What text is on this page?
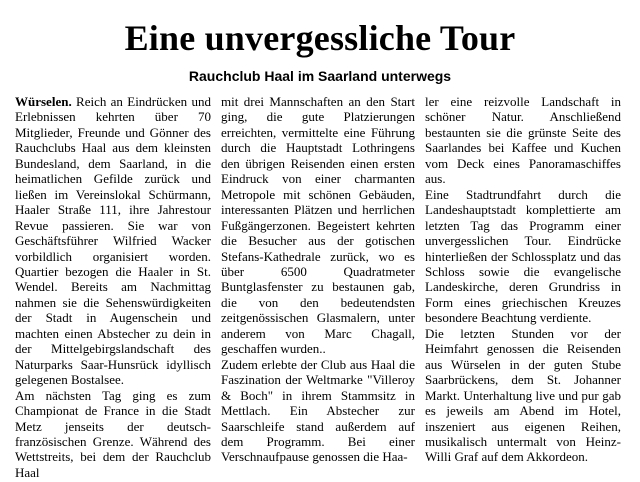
Eine unvergessliche Tour
Rauchclub Haal im Saarland unterwegs

Würselen. Reich an Eindrücken und Erlebnissen kehrten über 70 Mitglieder, Freunde und Gönner des Rauchclubs Haal aus dem kleinsten Bundesland, dem Saarland, in die heimatlichen Gefilde zurück und ließen im Vereinslokal Schürmann, Haaler Straße 111, ihre Jahrestour Revue passieren. Sie war von Geschäftsführer Wilfried Wacker vorbildlich organisiert worden. Quartier bezogen die Haaler in St. Wendel. Bereits am Nachmittag nahmen sie die Sehenswürdigkeiten der Stadt in Augenschein und machten einen Abstecher zu dein in der Mittelgebirgslandschaft des Naturparks Saar-Hunsrück idyllisch gelegenen Bostalsee.

Am nächsten Tag ging es zum Championat de France in die Stadt Metz jenseits der deutsch-französischen Grenze. Während des Wettstreits, bei dem der Rauchclub Haal

mit drei Mannschaften an den Start ging, die gute Platzierungen erreichten, vermittelte eine Führung durch die Hauptstadt Lothringens den übrigen Reisenden einen ersten Eindruck von einer charmanten Metropole mit schönen Gebäuden, interessanten Plätzen und herrlichen Fußgängerzonen. Begeistert kehrten die Besucher aus der gotischen Stefans-Kathedrale zurück, wo es über 6500 Quadratmeter Buntglasfenster zu bestaunen gab, die von den bedeutendsten zeitgenössischen Glasmalern, unter anderem von Marc Chagall, geschaffen wurden..

Zudem erlebte der Club aus Haal die Faszination der Weltmarke "Villeroy & Boch" in ihrem Stammsitz in Mettlach. Ein Abstecher zur Saarschleife stand außerdem auf dem Programm. Bei einer Verschnaufpause genossen die Haa-

ler eine reizvolle Landschaft in schöner Natur. Anschließend bestaunten sie die grünste Seite des Saarlandes bei Kaffee und Kuchen vom Deck eines Panoramaschiffes aus.

Eine Stadtrundfahrt durch die Landeshauptstadt komplettierte am letzten Tag das Programm einer unvergesslichen Tour. Eindrücke hinterließen der Schlossplatz und das Schloss sowie die evangelische Landeskirche, deren Grundriss in Form eines griechischen Kreuzes besondere Beachtung verdiente.

Die letzten Stunden vor der Heimfahrt genossen die Reisenden aus Würselen in der guten Stube Saarbrückens, dem St. Johanner Markt. Unterhaltung live und pur gab es jeweils am Abend im Hotel, inszeniert aus eigenen Reihen, musikalisch untermalt von Heinz-Willi Graf auf dem Akkordeon.
